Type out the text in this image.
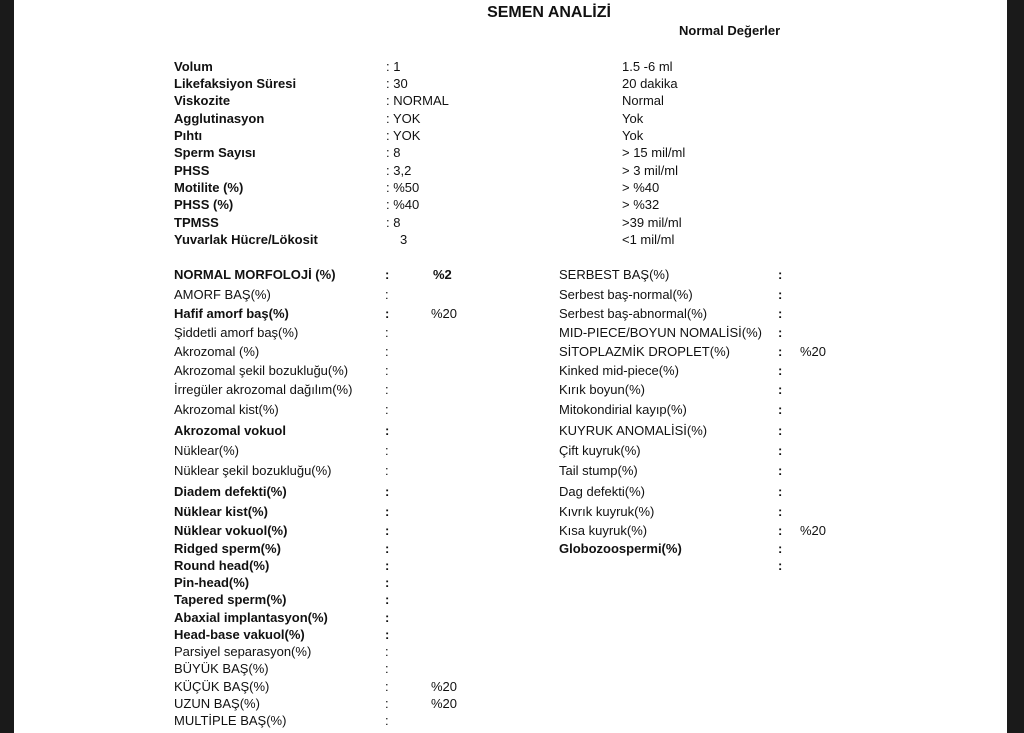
SEMEN ANALİZİ
Normal Değerler
Volum	: 1	1.5 -6 ml
Likefaksiyon Süresi	: 30	20 dakika
Viskozite	: NORMAL	Normal
Agglutinasyon	: YOK	Yok
Pıhtı	: YOK	Yok
Sperm Sayısı	: 8	> 15 mil/ml
PHSS	: 3,2	> 3 mil/ml
Motilite (%)	: %50	> %40
PHSS (%)	: %40	> %32
TPMSS	: 8	>39 mil/ml
Yuvarlak Hücre/Lökosit	3	<1 mil/ml
NORMAL MORFOLOJİ (%)	:	%2
AMORF BAŞ(%)	:
Hafif amorf baş(%)	:	%20
Şiddetli amorf baş(%)	:
Akrozomal (%)	:
Akrozomal şekil bozukluğu(%)	:
İrregüler akrozomal dağılım(%)	:
Akrozomal kist(%)	:
Akrozomal vokuol	:
Nüklear(%)	:
Nüklear şekil bozukluğu(%)	:
Diadem defekti(%)	:
Nüklear kist(%)	:
Nüklear vokuol(%)	:
Ridged sperm(%)	:
Round head(%)	:
Pin-head(%)	:
Tapered sperm(%)	:
Abaxial implantasyon(%)	:
Head-base vakuol(%)	:
Parsiyel separasyon(%)	:
BÜYÜK BAŞ(%)	:
KÜÇÜK BAŞ(%)	:	%20
UZUN BAŞ(%)	:	%20
MULTİPLE BAŞ(%)	:
SERBEST BAŞ(%)	:
Serbest baş-normal(%)	:
Serbest baş-abnormal(%)	:
MID-PIECE/BOYUN NOMALİSİ(%) :
SİTOPLAZMİK DROPLET(%)	: %20
Kinked mid-piece(%)	:
Kırık boyun(%)	:
Mitokondirial kayıp(%)	:
KUYRUK ANOMALİSİ(%)	:
Çift kuyruk(%)	:
Tail stump(%)	:
Dag defekti(%)	:
Kıvrık kuyruk(%)	:
Kısa kuyruk(%)	: %20
Globozoospermi(%)	:
:
